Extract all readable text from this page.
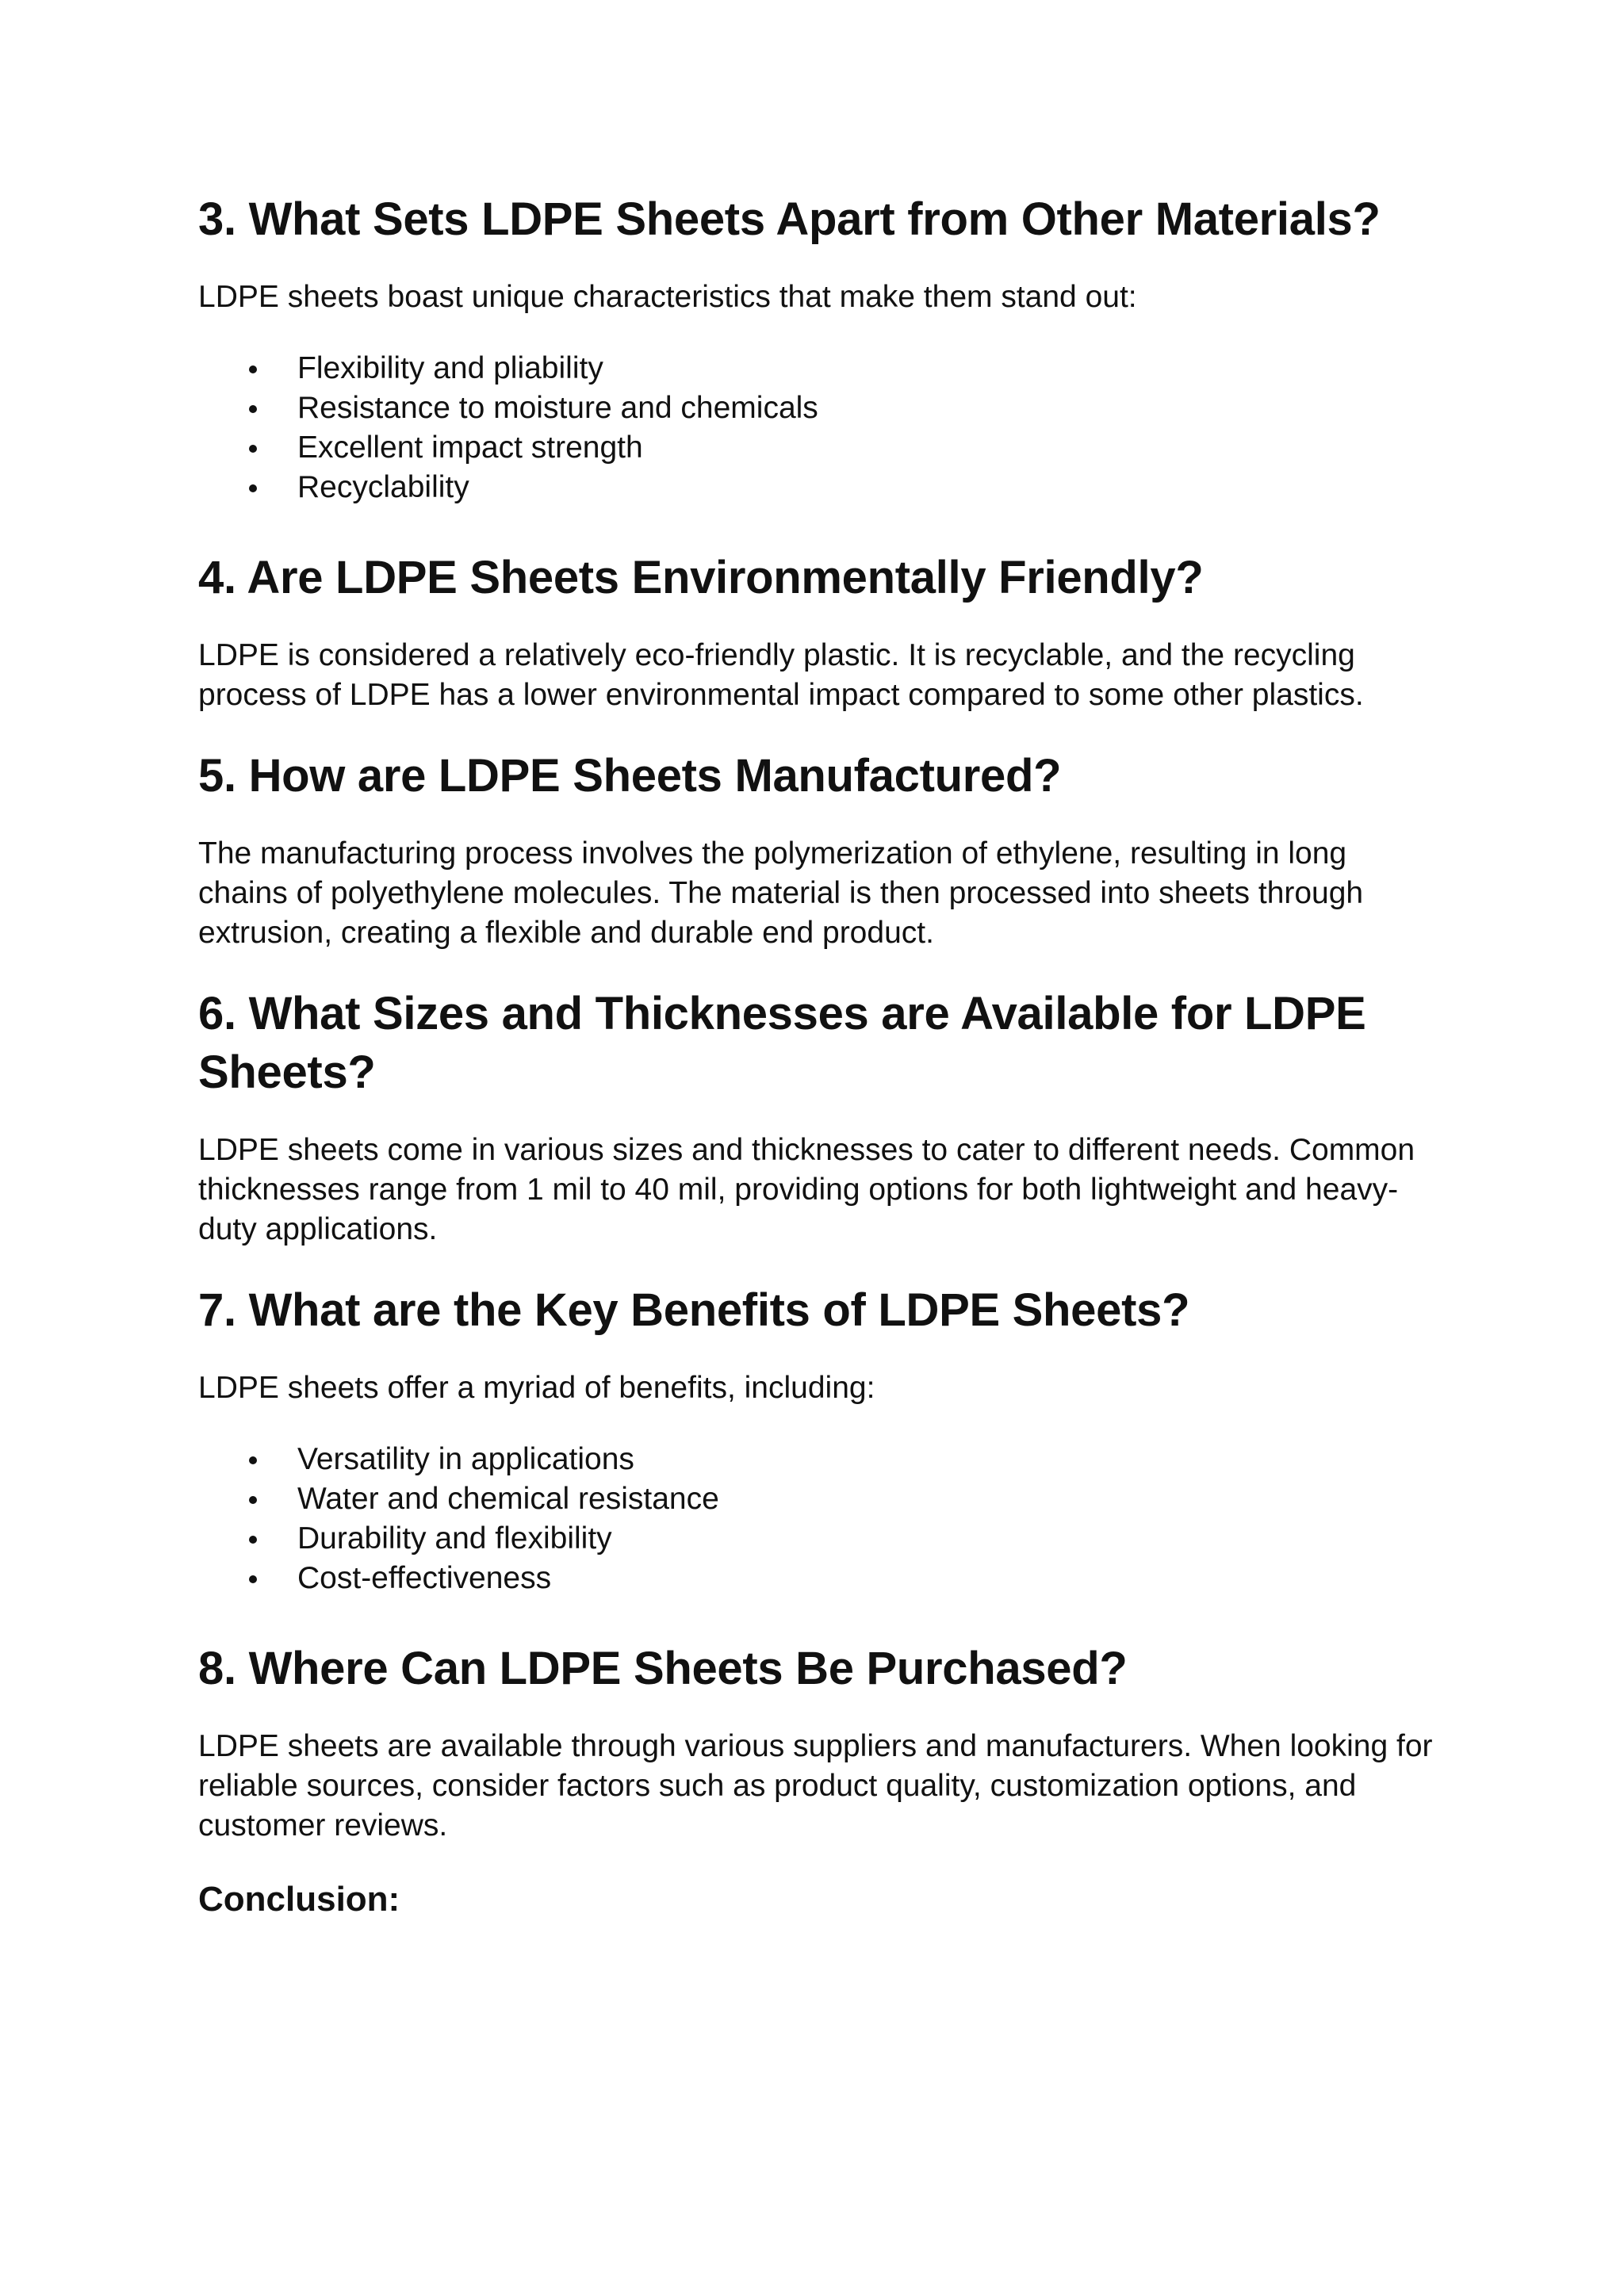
3. What Sets LDPE Sheets Apart from Other Materials?

LDPE sheets boast unique characteristics that make them stand out:

Flexibility and pliability
Resistance to moisture and chemicals
Excellent impact strength
Recyclability
4. Are LDPE Sheets Environmentally Friendly?

LDPE is considered a relatively eco-friendly plastic. It is recyclable, and the recycling process of LDPE has a lower environmental impact compared to some other plastics.

5. How are LDPE Sheets Manufactured?

The manufacturing process involves the polymerization of ethylene, resulting in long chains of polyethylene molecules. The material is then processed into sheets through extrusion, creating a flexible and durable end product.

6. What Sizes and Thicknesses are Available for LDPE Sheets?

LDPE sheets come in various sizes and thicknesses to cater to different needs. Common thicknesses range from 1 mil to 40 mil, providing options for both lightweight and heavy-duty applications.

7. What are the Key Benefits of LDPE Sheets?

LDPE sheets offer a myriad of benefits, including:

Versatility in applications
Water and chemical resistance
Durability and flexibility
Cost-effectiveness
8. Where Can LDPE Sheets Be Purchased?

LDPE sheets are available through various suppliers and manufacturers. When looking for reliable sources, consider factors such as product quality, customization options, and customer reviews.

Conclusion:
